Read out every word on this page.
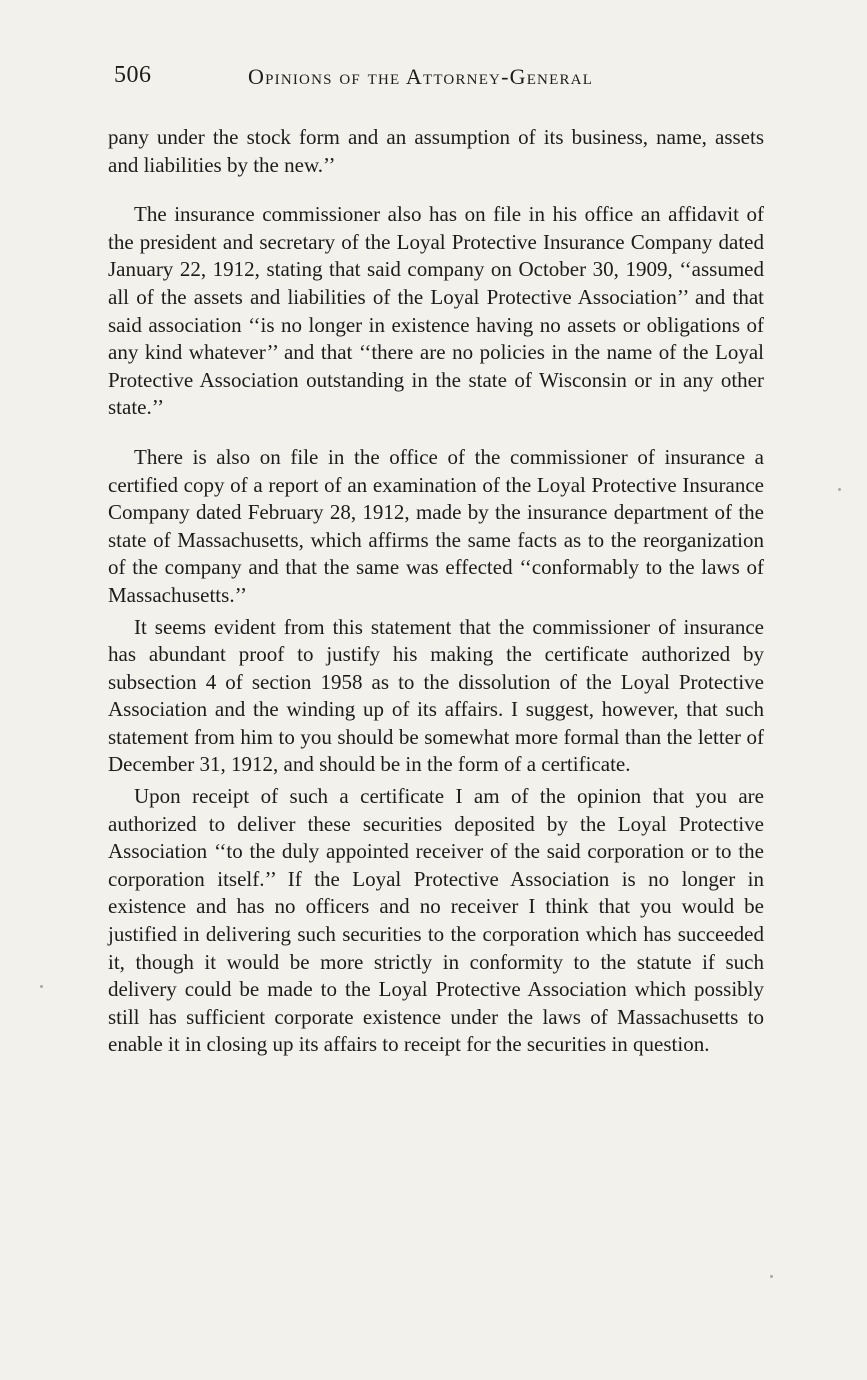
506	Opinions of the Attorney-General

pany under the stock form and an assumption of its business, name, assets and liabilities by the new.’’

The insurance commissioner also has on file in his office an affidavit of the president and secretary of the Loyal Protective Insurance Company dated January 22, 1912, stating that said company on October 30, 1909, ‘‘assumed all of the assets and liabilities of the Loyal Protective Association’’ and that said association ‘‘is no longer in existence having no assets or obligations of any kind whatever’’ and that ‘‘there are no policies in the name of the Loyal Protective Association outstanding in the state of Wisconsin or in any other state.’’

There is also on file in the office of the commissioner of insurance a certified copy of a report of an examination of the Loyal Protective Insurance Company dated February 28, 1912, made by the insurance department of the state of Massachusetts, which affirms the same facts as to the reorganization of the company and that the same was effected ‘‘conformably to the laws of Massachusetts.’’

It seems evident from this statement that the commissioner of insurance has abundant proof to justify his making the certificate authorized by subsection 4 of section 1958 as to the dissolution of the Loyal Protective Association and the winding up of its affairs. I suggest, however, that such statement from him to you should be somewhat more formal than the letter of December 31, 1912, and should be in the form of a certificate.

Upon receipt of such a certificate I am of the opinion that you are authorized to deliver these securities deposited by the Loyal Protective Association ‘‘to the duly appointed receiver of the said corporation or to the corporation itself.’’ If the Loyal Protective Association is no longer in existence and has no officers and no receiver I think that you would be justified in delivering such securities to the corporation which has succeeded it, though it would be more strictly in conformity to the statute if such delivery could be made to the Loyal Protective Association which possibly still has sufficient corporate existence under the laws of Massachusetts to enable it in closing up its affairs to receipt for the securities in question.
